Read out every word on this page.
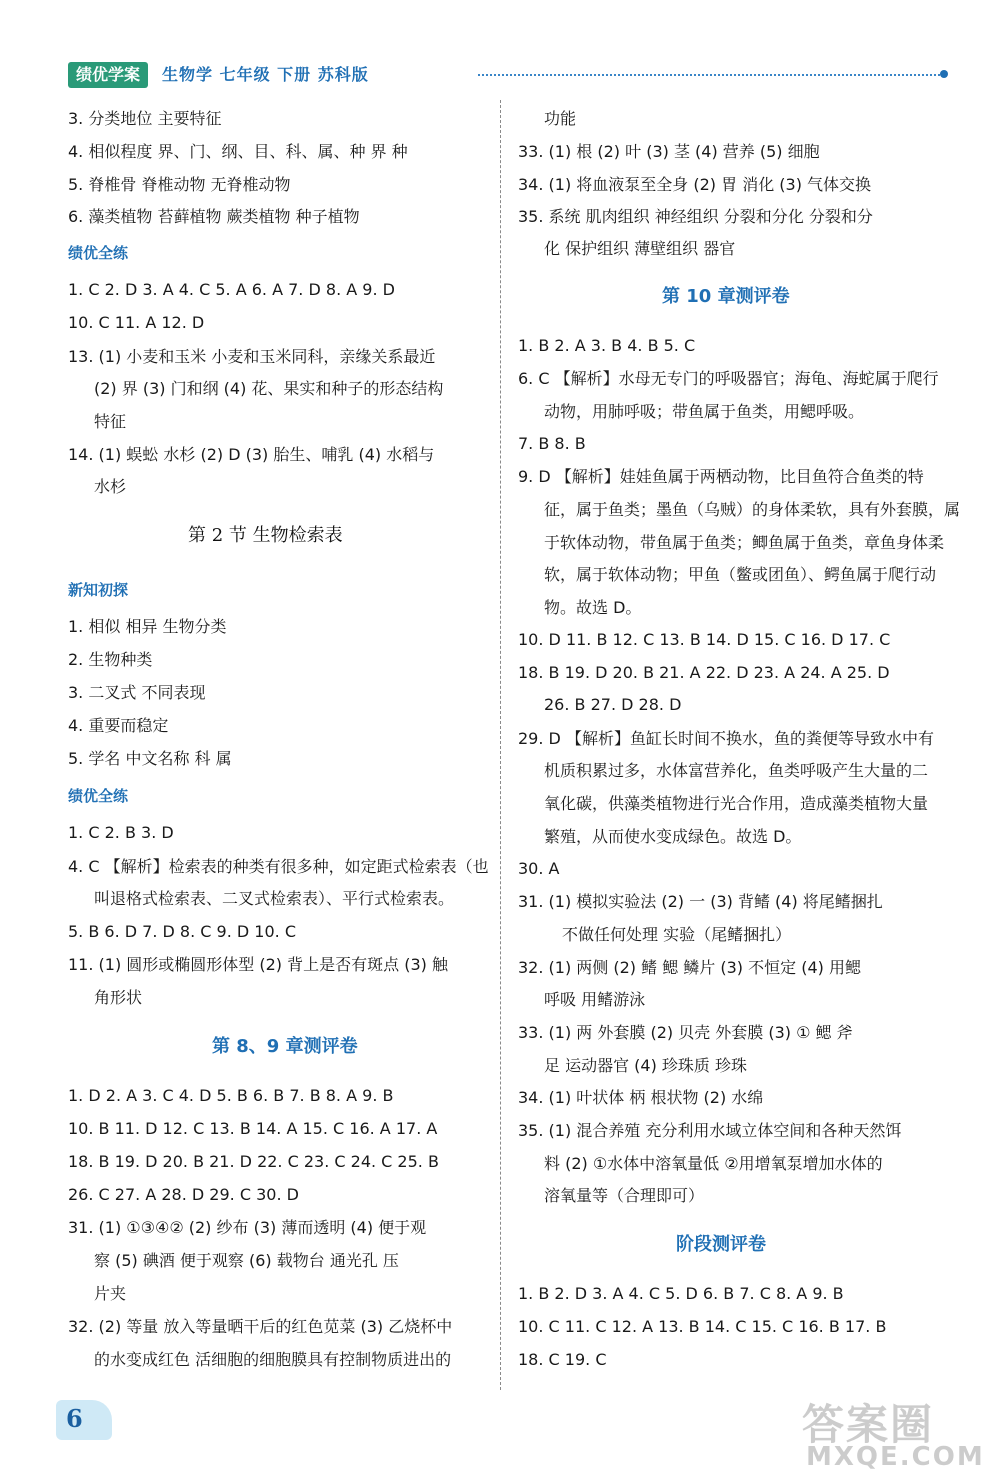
绩优学案	生物学 七年级 下册 苏科版
3. 分类地位 主要特征
4. 相似程度 界、门、纲、目、科、属、种 界 种
5. 脊椎骨 脊椎动物 无脊椎动物
6. 藻类植物 苔藓植物 蕨类植物 种子植物
绩优全练
1. C 2. D 3. A 4. C 5. A 6. A 7. D 8. A 9. D
10. C 11. A 12. D
13. (1) 小麦和玉米 小麦和玉米同科，亲缘关系最近
(2) 界 (3) 门和纲 (4) 花、果实和种子的形态结构
特征
14. (1) 蜈蚣 水杉 (2) D (3) 胎生、哺乳 (4) 水稻与
水杉
第 2 节 生物检索表
新知初探
1. 相似 相异 生物分类
2. 生物种类
3. 二叉式 不同表现
4. 重要而稳定
5. 学名 中文名称 科 属
绩优全练
1. C 2. B 3. D
4. C 【解析】检索表的种类有很多种，如定距式检索表（也
叫退格式检索表、二叉式检索表）、平行式检索表。
5. B 6. D 7. D 8. C 9. D 10. C
11. (1) 圆形或椭圆形体型 (2) 背上是否有斑点 (3) 触
角形状
第 8、9 章测评卷
1. D 2. A 3. C 4. D 5. B 6. B 7. B 8. A 9. B
10. B 11. D 12. C 13. B 14. A 15. C 16. A 17. A
18. B 19. D 20. B 21. D 22. C 23. C 24. C 25. B
26. C 27. A 28. D 29. C 30. D
31. (1) ①③④② (2) 纱布 (3) 薄而透明 (4) 便于观
察 (5) 碘酒 便于观察 (6) 载物台 通光孔 压
片夹
32. (2) 等量 放入等量晒干后的红色苋菜 (3) 乙烧杯中
的水变成红色 活细胞的细胞膜具有控制物质进出的
功能
33. (1) 根 (2) 叶 (3) 茎 (4) 营养 (5) 细胞
34. (1) 将血液泵至全身 (2) 胃 消化 (3) 气体交换
35. 系统 肌肉组织 神经组织 分裂和分化 分裂和分
化 保护组织 薄壁组织 器官
第 10 章测评卷
1. B 2. A 3. B 4. B 5. C
6. C 【解析】水母无专门的呼吸器官；海龟、海蛇属于爬行
动物，用肺呼吸；带鱼属于鱼类，用鳃呼吸。
7. B 8. B
9. D 【解析】娃娃鱼属于两栖动物，比目鱼符合鱼类的特
征，属于鱼类；墨鱼（乌贼）的身体柔软，具有外套膜，属
于软体动物，带鱼属于鱼类；鲫鱼属于鱼类，章鱼身体柔
软，属于软体动物；甲鱼（鳖或团鱼）、鳄鱼属于爬行动
物。故选 D。
10. D 11. B 12. C 13. B 14. D 15. C 16. D 17. C
18. B 19. D 20. B 21. A 22. D 23. A 24. A 25. D
26. B 27. D 28. D
29. D 【解析】鱼缸长时间不换水，鱼的粪便等导致水中有
机质积累过多，水体富营养化，鱼类呼吸产生大量的二
氧化碳，供藻类植物进行光合作用，造成藻类植物大量
繁殖，从而使水变成绿色。故选 D。
30. A
31. (1) 模拟实验法 (2) 一 (3) 背鳍 (4) 将尾鳍捆扎
不做任何处理 实验（尾鳍捆扎）
32. (1) 两侧 (2) 鳍 鳃 鳞片 (3) 不恒定 (4) 用鳃
呼吸 用鳍游泳
33. (1) 两 外套膜 (2) 贝壳 外套膜 (3) ① 鳃 斧
足 运动器官 (4) 珍珠质 珍珠
34. (1) 叶状体 柄 根状物 (2) 水绵
35. (1) 混合养殖 充分利用水域立体空间和各种天然饵
料 (2) ①水体中溶氧量低 ②用增氧泵增加水体的
溶氧量等（合理即可）
阶段测评卷
1. B 2. D 3. A 4. C 5. D 6. B 7. C 8. A 9. B
10. C 11. C 12. A 13. B 14. C 15. C 16. B 17. B
18. C 19. C
6	答案圈
MXQE.COM
